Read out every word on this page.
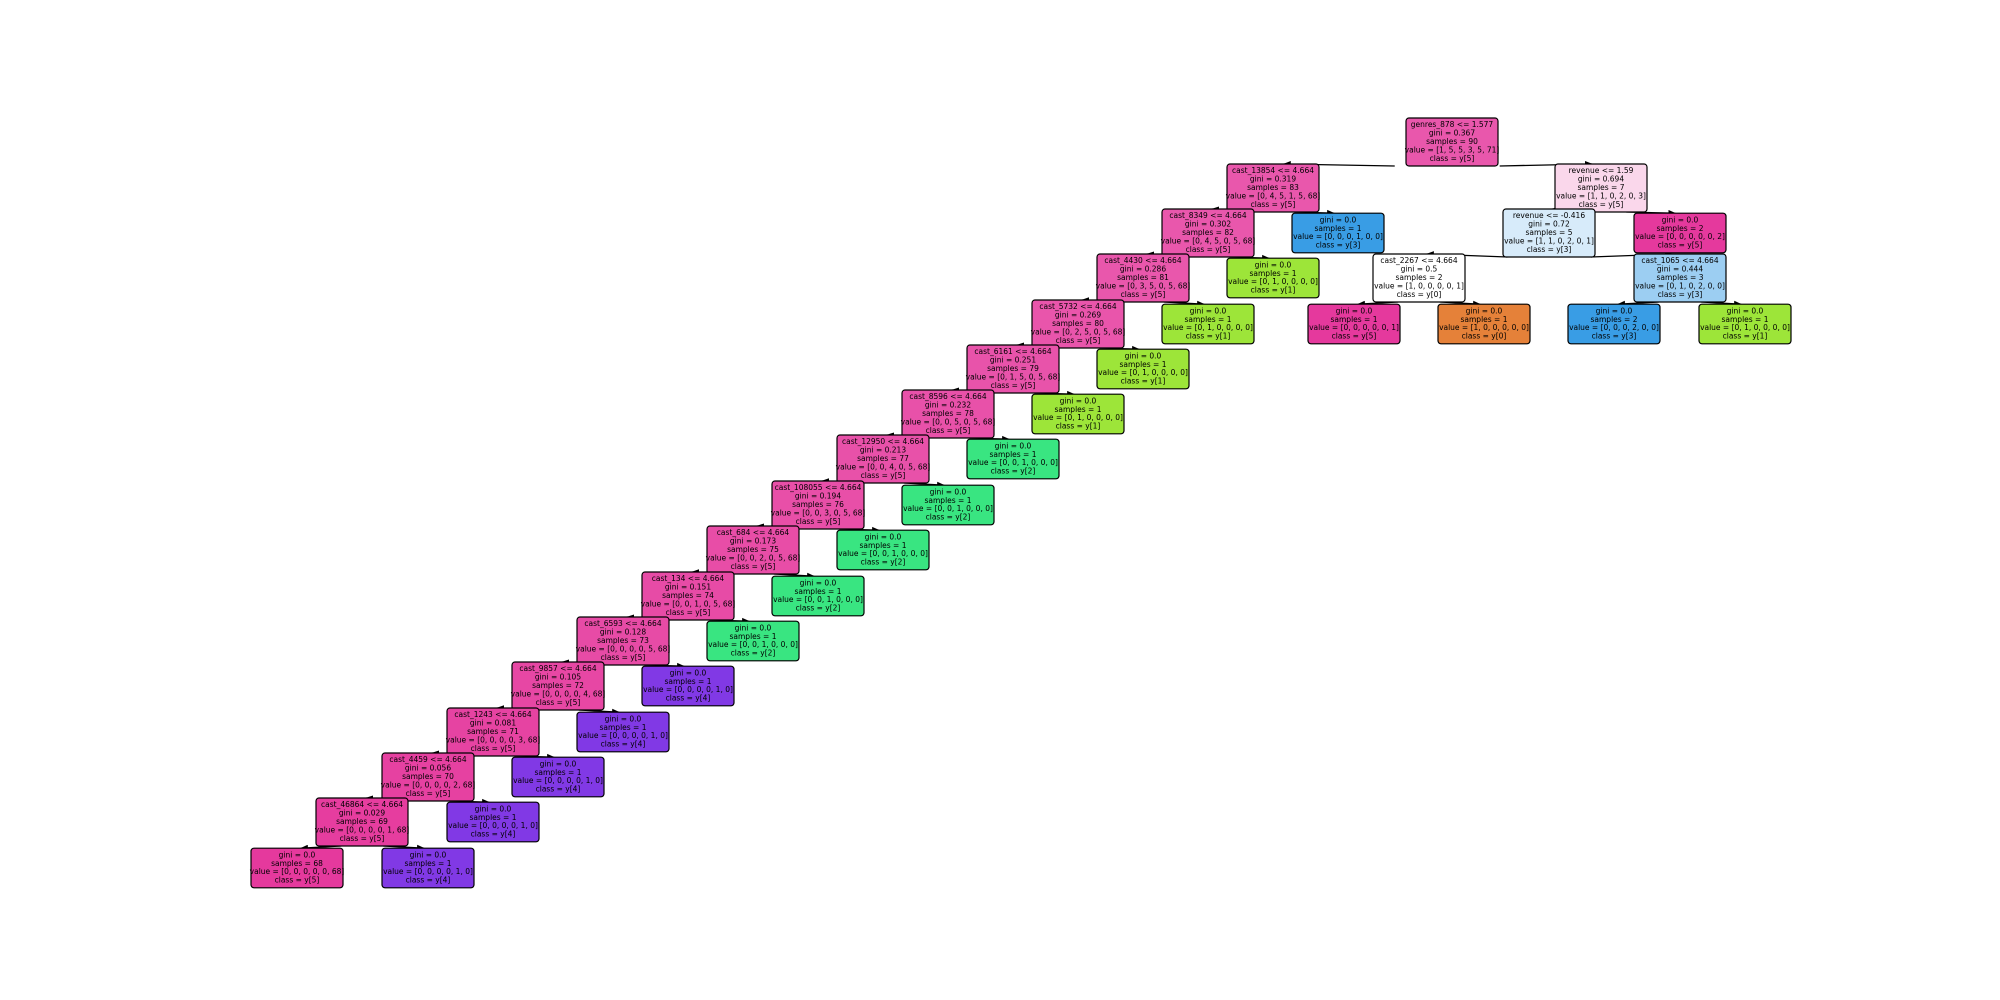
genres_878 <= 1.577
gini = 0.367
samples = 90
value = [1, 5, 5, 3, 5, 71]
class = y[5]
cast_13854 <= 4.664
gini = 0.319
samples = 83
value = [0, 4, 5, 1, 5, 68]
class = y[5]
cast_8349 <= 4.664
gini = 0.302
samples = 82
value = [0, 4, 5, 0, 5, 68]
class = y[5]
cast_4430 <= 4.664
gini = 0.286
samples = 81
value = [0, 3, 5, 0, 5, 68]
class = y[5]
cast_5732 <= 4.664
gini = 0.269
samples = 80
value = [0, 2, 5, 0, 5, 68]
class = y[5]
cast_6161 <= 4.664
gini = 0.251
samples = 79
value = [0, 1, 5, 0, 5, 68]
class = y[5]
cast_8596 <= 4.664
gini = 0.232
samples = 78
value = [0, 0, 5, 0, 5, 68]
class = y[5]
cast_12950 <= 4.664
gini = 0.213
samples = 77
value = [0, 0, 4, 0, 5, 68]
class = y[5]
cast_108055 <= 4.664
gini = 0.194
samples = 76
value = [0, 0, 3, 0, 5, 68]
class = y[5]
cast_684 <= 4.664
gini = 0.173
samples = 75
value = [0, 0, 2, 0, 5, 68]
class = y[5]
cast_134 <= 4.664
gini = 0.151
samples = 74
value = [0, 0, 1, 0, 5, 68]
class = y[5]
cast_6593 <= 4.664
gini = 0.128
samples = 73
value = [0, 0, 0, 0, 5, 68]
class = y[5]
cast_9857 <= 4.664
gini = 0.105
samples = 72
value = [0, 0, 0, 0, 4, 68]
class = y[5]
cast_1243 <= 4.664
gini = 0.081
samples = 71
value = [0, 0, 0, 0, 3, 68]
class = y[5]
cast_4459 <= 4.664
gini = 0.056
samples = 70
value = [0, 0, 0, 0, 2, 68]
class = y[5]
cast_46864 <= 4.664
gini = 0.029
samples = 69
value = [0, 0, 0, 0, 1, 68]
class = y[5]
gini = 0.0
samples = 68
value = [0, 0, 0, 0, 0, 68]
class = y[5]
gini = 0.0
samples = 1
value = [0, 0, 0, 0, 1, 0]
class = y[4]
gini = 0.0
samples = 1
value = [0, 0, 0, 0, 1, 0]
class = y[4]
gini = 0.0
samples = 1
value = [0, 0, 0, 0, 1, 0]
class = y[4]
gini = 0.0
samples = 1
value = [0, 0, 0, 0, 1, 0]
class = y[4]
gini = 0.0
samples = 1
value = [0, 0, 0, 0, 1, 0]
class = y[4]
gini = 0.0
samples = 1
value = [0, 0, 1, 0, 0, 0]
class = y[2]
gini = 0.0
samples = 1
value = [0, 0, 1, 0, 0, 0]
class = y[2]
gini = 0.0
samples = 1
value = [0, 0, 1, 0, 0, 0]
class = y[2]
gini = 0.0
samples = 1
value = [0, 0, 1, 0, 0, 0]
class = y[2]
gini = 0.0
samples = 1
value = [0, 0, 1, 0, 0, 0]
class = y[2]
gini = 0.0
samples = 1
value = [0, 1, 0, 0, 0, 0]
class = y[1]
gini = 0.0
samples = 1
value = [0, 1, 0, 0, 0, 0]
class = y[1]
gini = 0.0
samples = 1
value = [0, 1, 0, 0, 0, 0]
class = y[1]
gini = 0.0
samples = 1
value = [0, 1, 0, 0, 0, 0]
class = y[1]
gini = 0.0
samples = 1
value = [0, 0, 0, 1, 0, 0]
class = y[3]
revenue <= 1.59
gini = 0.694
samples = 7
value = [1, 1, 0, 2, 0, 3]
class = y[5]
revenue <= -0.416
gini = 0.72
samples = 5
value = [1, 1, 0, 2, 0, 1]
class = y[3]
cast_2267 <= 4.664
gini = 0.5
samples = 2
value = [1, 0, 0, 0, 0, 1]
class = y[0]
gini = 0.0
samples = 1
value = [0, 0, 0, 0, 0, 1]
class = y[5]
gini = 0.0
samples = 1
value = [1, 0, 0, 0, 0, 0]
class = y[0]
cast_1065 <= 4.664
gini = 0.444
samples = 3
value = [0, 1, 0, 2, 0, 0]
class = y[3]
gini = 0.0
samples = 2
value = [0, 0, 0, 2, 0, 0]
class = y[3]
gini = 0.0
samples = 1
value = [0, 1, 0, 0, 0, 0]
class = y[1]
gini = 0.0
samples = 2
value = [0, 0, 0, 0, 0, 2]
class = y[5]
